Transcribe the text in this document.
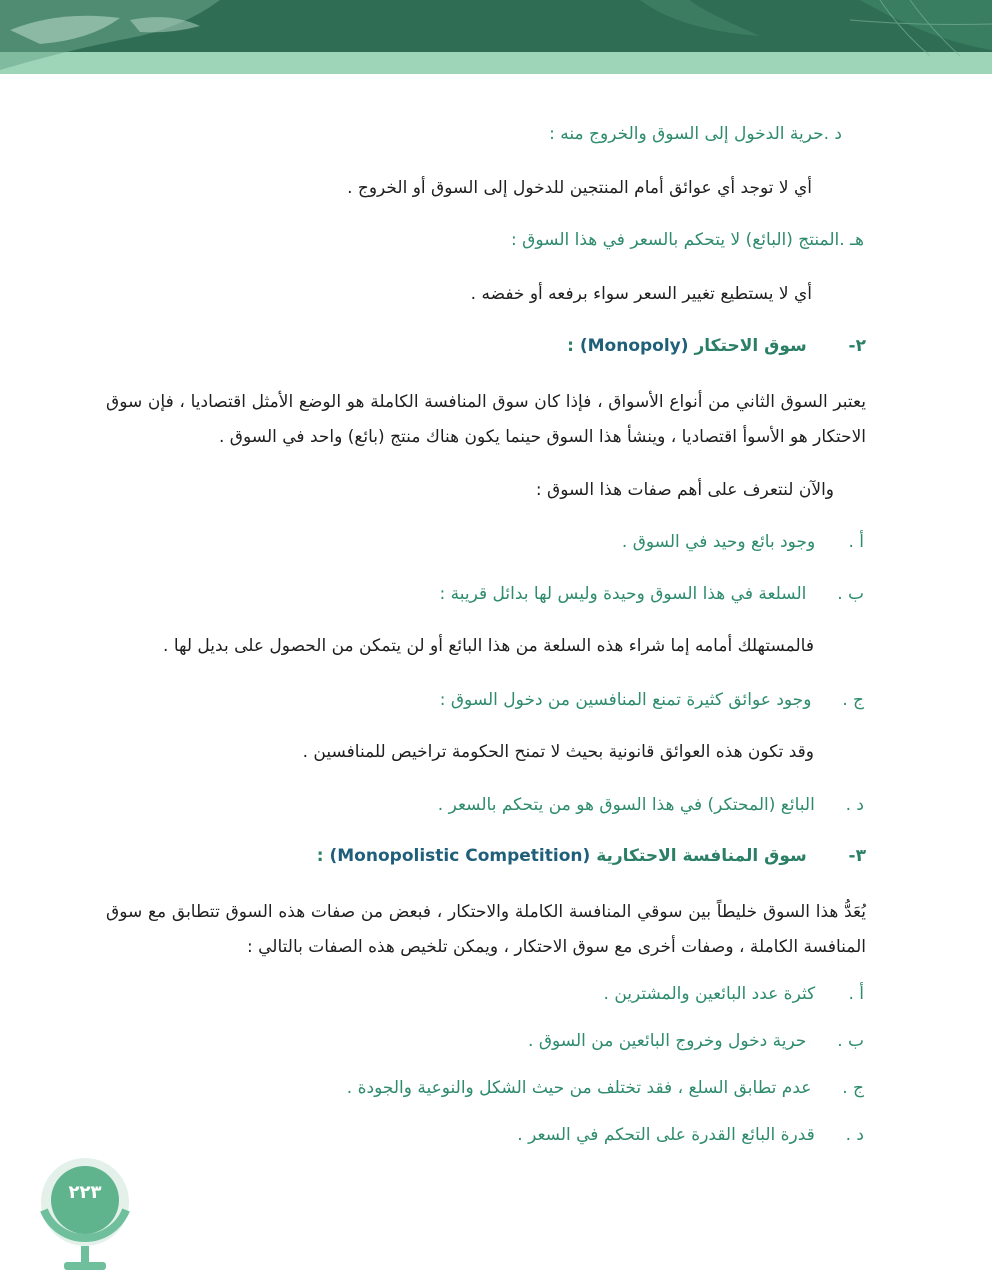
د .حرية الدخول إلى السوق والخروج منه :
أي لا توجد أي عوائق أمام المنتجين للدخول إلى السوق أو الخروج .
هـ .المنتج (البائع) لا يتحكم بالسعر في هذا السوق :
أي لا يستطيع تغيير السعر سواء برفعه أو خفضه .
٢-  سوق الاحتكار (Monopoly) :
يعتبر السوق الثاني من أنواع الأسواق ، فإذا كان سوق المنافسة الكاملة هو الوضع الأمثل اقتصاديا ، فإن سوق الاحتكار هو الأسوأ اقتصاديا ، وينشأ هذا السوق حينما يكون هناك منتج (بائع) واحد في السوق .
والآن لنتعرف على أهم صفات هذا السوق :
أ .  وجود بائع وحيد في السوق .
ب .  السلعة في هذا السوق وحيدة وليس لها بدائل قريبة :
فالمستهلك أمامه إما شراء هذه السلعة من هذا البائع أو لن يتمكن من الحصول على بديل لها .
ج .  وجود عوائق كثيرة تمنع المنافسين من دخول السوق :
وقد تكون هذه العوائق قانونية بحيث لا تمنح الحكومة تراخيص للمنافسين .
د .  البائع (المحتكر) في هذا السوق هو من يتحكم بالسعر .
٣-  سوق المنافسة الاحتكارية (Monopolistic Competition) :
يُعَدُّ هذا السوق خليطاً بين سوقي المنافسة الكاملة والاحتكار ، فبعض من صفات هذه السوق تتطابق مع سوق المنافسة الكاملة ، وصفات أخرى مع سوق الاحتكار ، ويمكن تلخيص هذه الصفات بالتالي :
أ .  كثرة عدد البائعين والمشترين .
ب .  حرية دخول وخروج البائعين من السوق .
ج .  عدم تطابق السلع ، فقد تختلف من حيث الشكل والنوعية والجودة .
د .  قدرة البائع القدرة على التحكم في السعر .
٢٢٣
